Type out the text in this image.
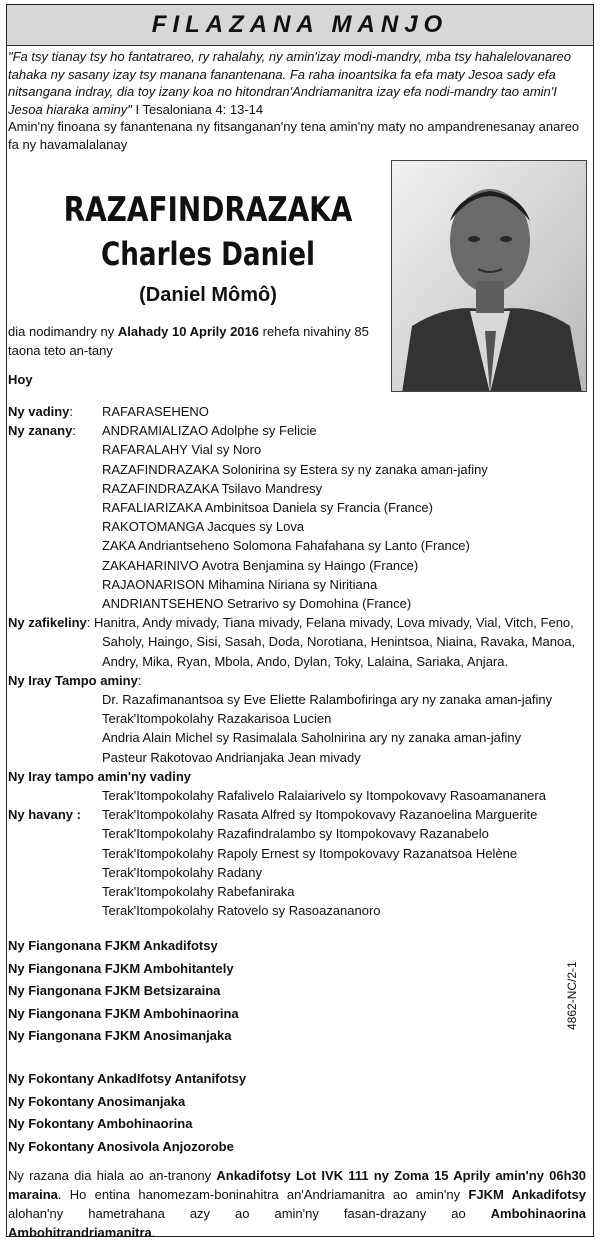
FILAZANA MANJO
"Fa tsy tianay tsy ho fantatrareo, ry rahalahy, ny amin'izay modi-mandry, mba tsy hahalelovanareo tahaka ny sasany izay tsy manana fanantenana. Fa raha inoantsika fa efa maty Jesoa sady efa nitsangana indray, dia toy izany koa no hitondran'Andriamanitra izay efa nodi-mandry tao amin'I Jesoa hiaraka aminy" I Tesaloniana 4: 13-14
Amin'ny finoana sy fanantenana ny fitsanganan'ny tena amin'ny maty no ampandrenesanay anareo fa ny havamalalanay
RAZAFINDRAZAKA
Charles Daniel
(Daniel Mômô)
dia nodimandry ny Alahady 10 Aprily 2016 rehefa nivahiny 85 taona teto an-tany
Hoy
Ny vadiny: RAFARASEHENO
Ny zanany: ANDRAMIALIZAO Adolphe sy Felicie
RAFARALAHY Vial sy Noro
RAZAFINDRAZAKA Solonirina sy Estera sy ny zanaka aman-jafiny
RAZAFINDRAZAKA Tsilavo Mandresy
RAFALIARIZAKA Ambinitsoa Daniela sy Francia (France)
RAKOTOMANGA Jacques sy Lova
ZAKA Andriantseheno Solomona Fahafahana sy Lanto (France)
ZAKAHARINIVO Avotra Benjamina sy Haingo (France)
RAJAONARISON Mihamina Niriana sy Niritiana
ANDRIANTSEHENO Setrarivo sy Domohina (France)
Ny zafikeliny: Hanitra, Andy mivady, Tiana mivady, Felana mivady, Lova mivady, Vial, Vitch, Feno,
Saholy, Haingo, Sisi, Sasah, Doda, Norotiana, Henintsoa, Niaina, Ravaka, Manoa,
Andry, Mika, Ryan, Mbola, Ando, Dylan, Toky, Lalaina, Sariaka, Anjara.
Ny Iray Tampo aminy:
Dr. Razafimanantsoa sy Eve Eliette Ralambofiringa ary ny zanaka aman-jafiny
Terak'Itompokolahy Razakarisoa Lucien
Andria Alain Michel sy Rasimalala Saholnirina ary ny zanaka aman-jafiny
Pasteur Rakotovao Andrianjaka Jean mivady
Ny Iray tampo amin'ny vadiny
Terak'Itompokolahy Rafalivelo Ralaiarivelo sy Itompokovavy Rasoamananera
Ny havany : Terak'Itompokolahy Rasata Alfred sy Itompokovavy Razanoelina Marguerite
Terak'Itompokolahy Razafindralambo sy Itompokovavy Razanabelo
Terak'Itompokolahy Rapoly Ernest sy Itompokovavy Razanatsoa Helène
Terak'Itompokolahy Radany
Terak'Itompokolahy Rabefaniraka
Terak'Itompokolahy Ratovelo sy Rasoazananoro
Ny Fiangonana FJKM Ankadifotsy
Ny Fiangonana FJKM Ambohitantely
Ny Fiangonana FJKM Betsizaraina
Ny Fiangonana FJKM Ambohinaorina
Ny Fiangonana FJKM Anosimanjaka
Ny Fokontany AnkadIfotsy Antanifotsy
Ny Fokontany Anosimanjaka
Ny Fokontany Ambohinaorina
Ny Fokontany Anosivola Anjozorobe
4862-NC/2-1
Ny razana dia hiala ao an-tranony Ankadifotsy Lot IVK 111 ny Zoma 15 Aprily amin'ny 06h30 maraina. Ho entina hanomezam-boninahitra an'Andriamanitra ao amin'ny FJKM Ankadifotsy alohan'ny hametrahana azy ao amin'ny fasan-drazany ao Ambohinaorina Ambohitrandriamanitra.
